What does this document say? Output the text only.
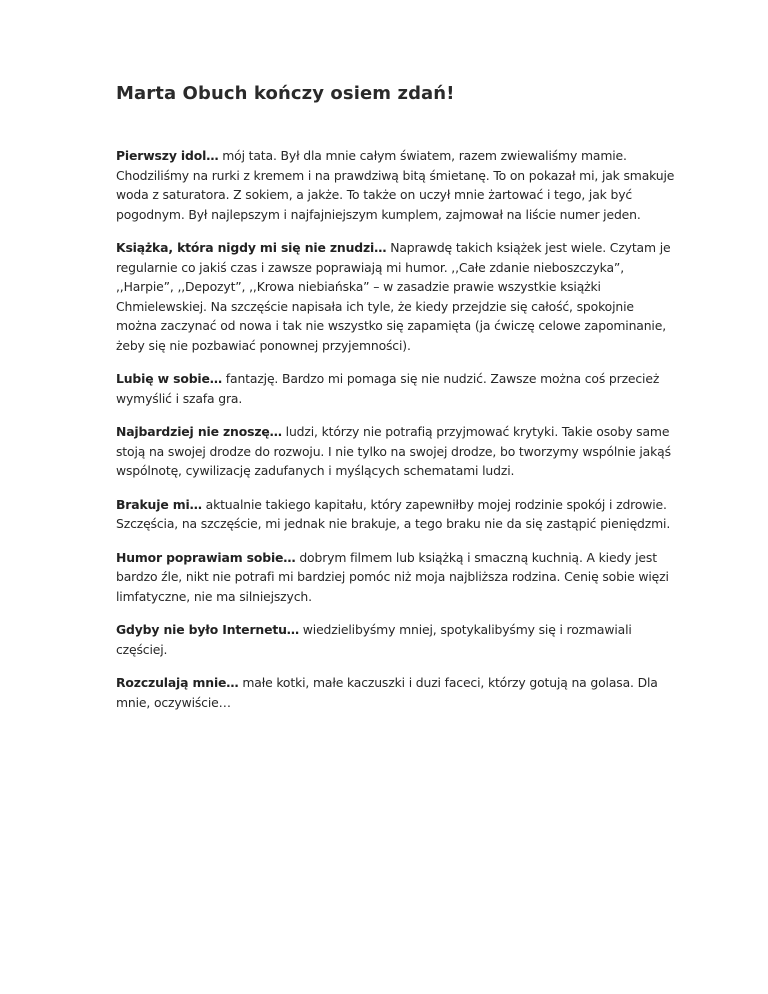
Marta Obuch kończy osiem zdań!

Pierwszy idol… mój tata. Był dla mnie całym światem, razem zwiewaliśmy mamie. Chodziliśmy na rurki z kremem i na prawdziwą bitą śmietanę. To on pokazał mi, jak smakuje woda z saturatora. Z sokiem, a jakże. To także on uczył mnie żartować i tego, jak być pogodnym. Był najlepszym i najfajniejszym kumplem, zajmował na liście numer jeden.

Książka, która nigdy mi się nie znudzi… Naprawdę takich książek jest wiele. Czytam je regularnie co jakiś czas i zawsze poprawiają mi humor. ,,Całe zdanie nieboszczyka”, ,,Harpie”, ,,Depozyt”, ,,Krowa niebiańska” – w zasadzie prawie wszystkie książki Chmielewskiej. Na szczęście napisała ich tyle, że kiedy przejdzie się całość, spokojnie można zaczynać od nowa i tak nie wszystko się zapamięta (ja ćwiczę celowe zapominanie, żeby się nie pozbawiać ponownej przyjemności).

Lubię w sobie… fantazję. Bardzo mi pomaga się nie nudzić. Zawsze można coś przecież wymyślić i szafa gra.

Najbardziej nie znoszę… ludzi, którzy nie potrafią przyjmować krytyki. Takie osoby same stoją na swojej drodze do rozwoju. I nie tylko na swojej drodze, bo tworzymy wspólnie jakąś wspólnotę, cywilizację zadufanych i myślących schematami ludzi.

Brakuje mi… aktualnie takiego kapitału, który zapewniłby mojej rodzinie spokój i zdrowie. Szczęścia, na szczęście, mi jednak nie brakuje, a tego braku nie da się zastąpić pieniędzmi.

Humor poprawiam sobie… dobrym filmem lub książką i smaczną kuchnią. A kiedy jest bardzo źle, nikt nie potrafi mi bardziej pomóc niż moja najbliższa rodzina. Cenię sobie więzi limfatyczne, nie ma silniejszych.

Gdyby nie było Internetu… wiedzielibyśmy mniej, spotykalibyśmy się i rozmawiali częściej.

Rozczulają mnie… małe kotki, małe kaczuszki i duzi faceci, którzy gotują na golasa. Dla mnie, oczywiście…
